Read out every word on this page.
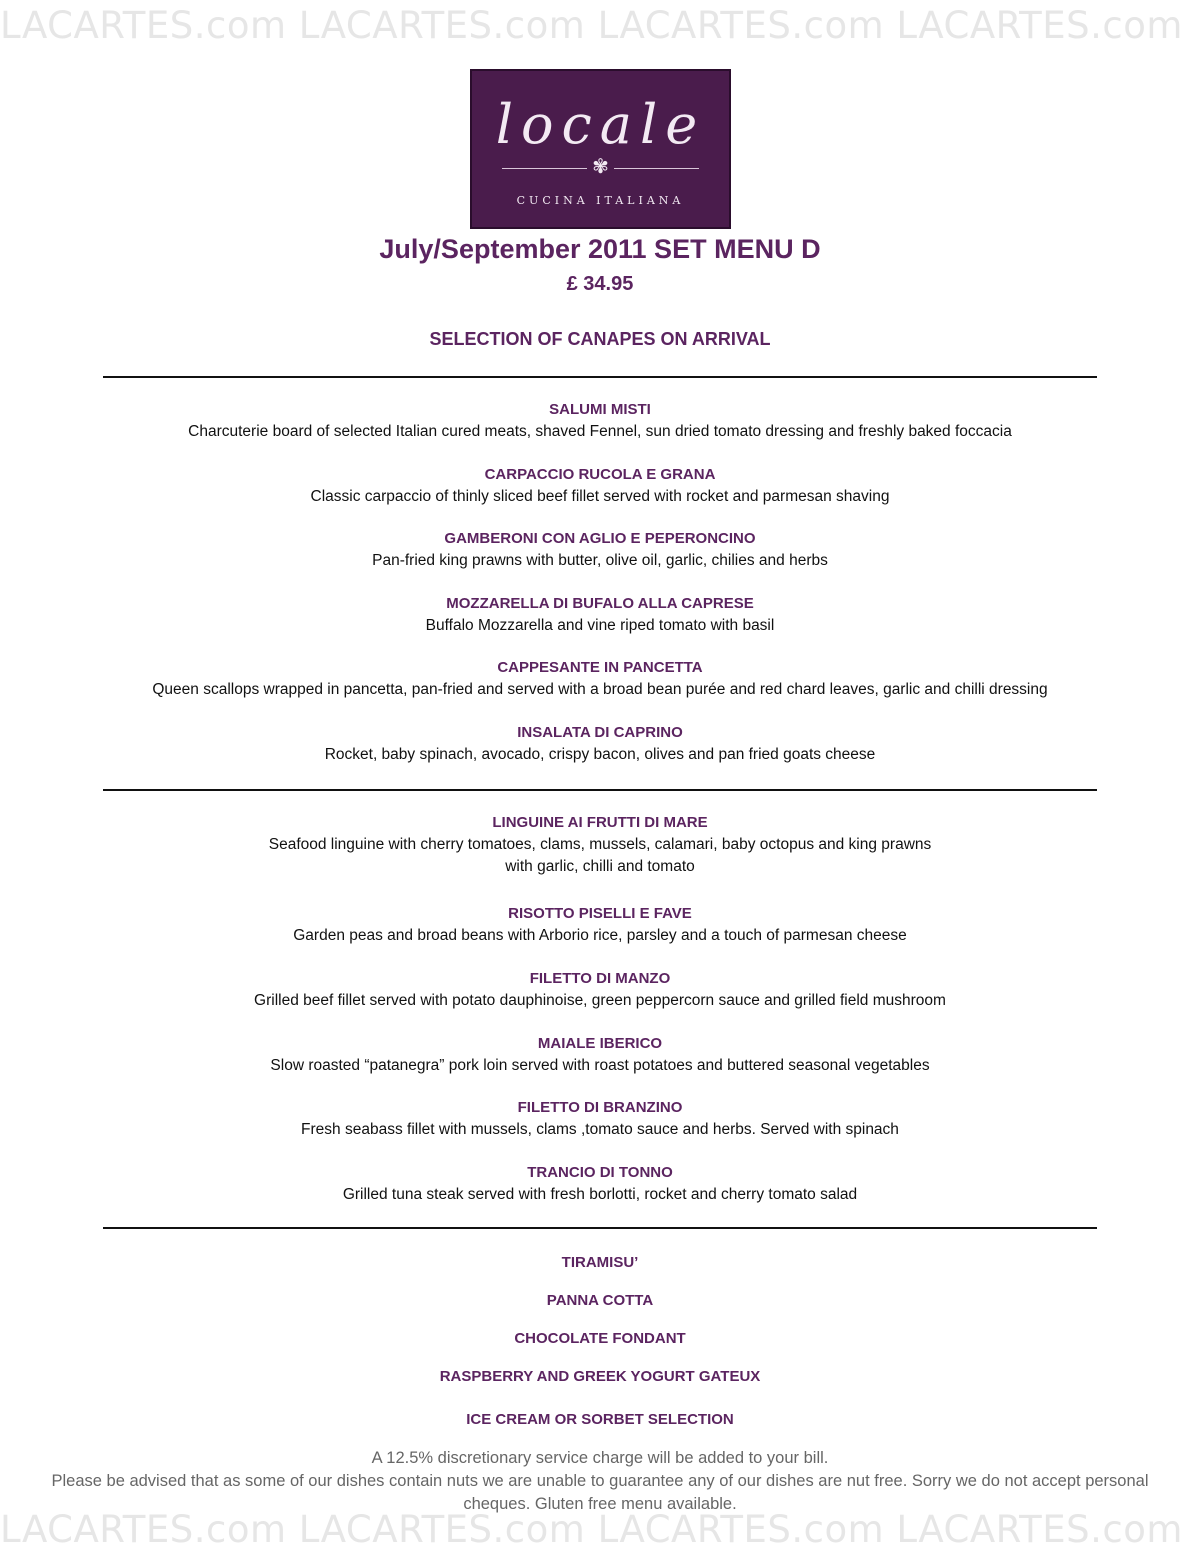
LACARTES.com LACARTES.com LACARTES.com LACARTES.com
locale
✾
CUCINA ITALIANA
July/September 2011 SET MENU D
£ 34.95
SELECTION OF CANAPES ON ARRIVAL
SALUMI MISTI
Charcuterie board of selected Italian cured meats, shaved Fennel, sun dried tomato dressing and freshly baked foccacia
CARPACCIO RUCOLA E GRANA
Classic carpaccio of thinly sliced beef fillet served with rocket and parmesan shaving
GAMBERONI CON AGLIO E PEPERONCINO
Pan-fried king prawns with butter, olive oil, garlic, chilies and herbs
MOZZARELLA DI BUFALO ALLA CAPRESE
Buffalo Mozzarella and vine riped tomato with basil
CAPPESANTE IN PANCETTA
Queen scallops wrapped in pancetta, pan-fried and served with a broad bean purée and red chard leaves, garlic and chilli dressing
INSALATA DI CAPRINO
Rocket, baby spinach, avocado, crispy bacon, olives and pan fried goats cheese
LINGUINE AI FRUTTI DI MARE
Seafood linguine with cherry tomatoes, clams, mussels, calamari, baby octopus and king prawns
with garlic, chilli and tomato
RISOTTO PISELLI E FAVE
Garden peas and broad beans with Arborio rice, parsley and a touch of parmesan cheese
FILETTO DI MANZO
Grilled beef fillet served with potato dauphinoise, green peppercorn sauce and grilled field mushroom
MAIALE IBERICO
Slow roasted “patanegra” pork loin served with roast potatoes and buttered seasonal vegetables
FILETTO DI BRANZINO
Fresh seabass fillet with mussels, clams ,tomato sauce and herbs. Served with spinach
TRANCIO DI TONNO
Grilled tuna steak served with fresh borlotti, rocket and cherry tomato salad
TIRAMISU’
PANNA COTTA
CHOCOLATE FONDANT
RASPBERRY AND GREEK YOGURT GATEUX
ICE CREAM OR SORBET SELECTION
A 12.5% discretionary service charge will be added to your bill.
Please be advised that as some of our dishes contain nuts we are unable to guarantee any of our dishes are nut free. Sorry we do not accept personal cheques. Gluten free menu available.
LACARTES.com LACARTES.com LACARTES.com LACARTES.com
